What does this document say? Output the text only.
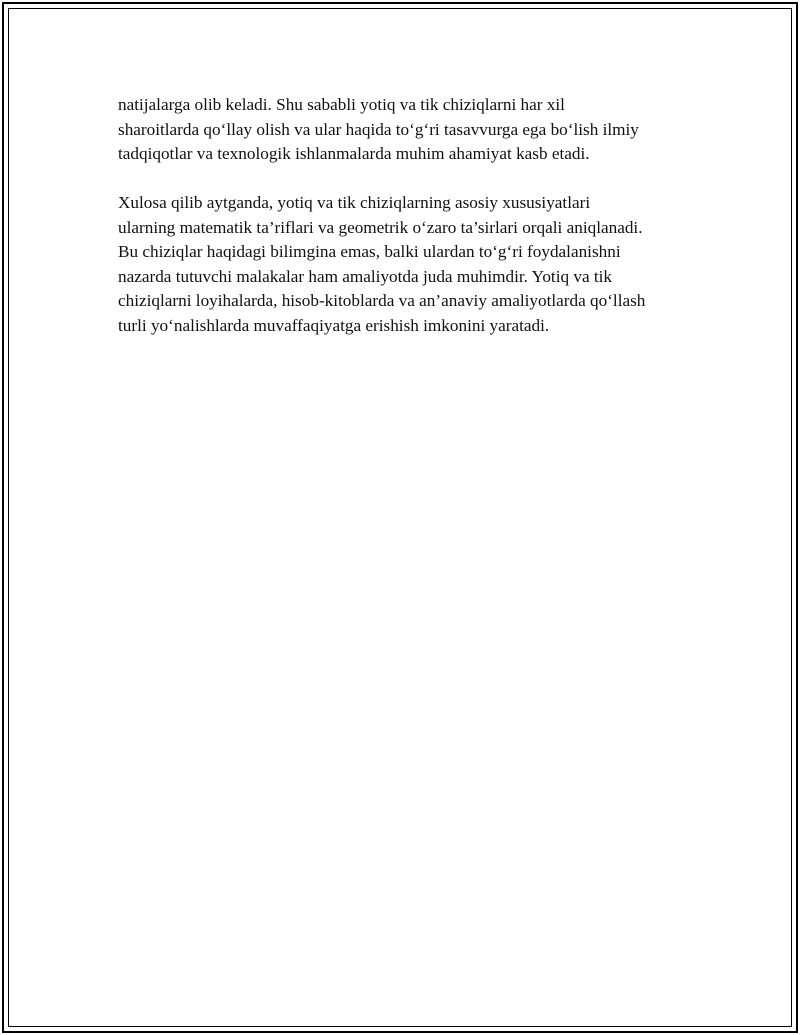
natijalarga olib keladi. Shu sababli yotiq va tik chiziqlarni har xil
sharoitlarda qo‘llay olish va ular haqida to‘g‘ri tasavvurga ega bo‘lish ilmiy
tadqiqotlar va texnologik ishlanmalarda muhim ahamiyat kasb etadi.

Xulosa qilib aytganda, yotiq va tik chiziqlarning asosiy xususiyatlari
ularning matematik ta’riflari va geometrik o‘zaro ta’sirlari orqali aniqlanadi.
Bu chiziqlar haqidagi bilimgina emas, balki ulardan to‘g‘ri foydalanishni
nazarda tutuvchi malakalar ham amaliyotda juda muhimdir. Yotiq va tik
chiziqlarni loyihalarda, hisob-kitoblarda va an’anaviy amaliyotlarda qo‘llash
turli yo‘nalishlarda muvaffaqiyatga erishish imkonini yaratadi.
